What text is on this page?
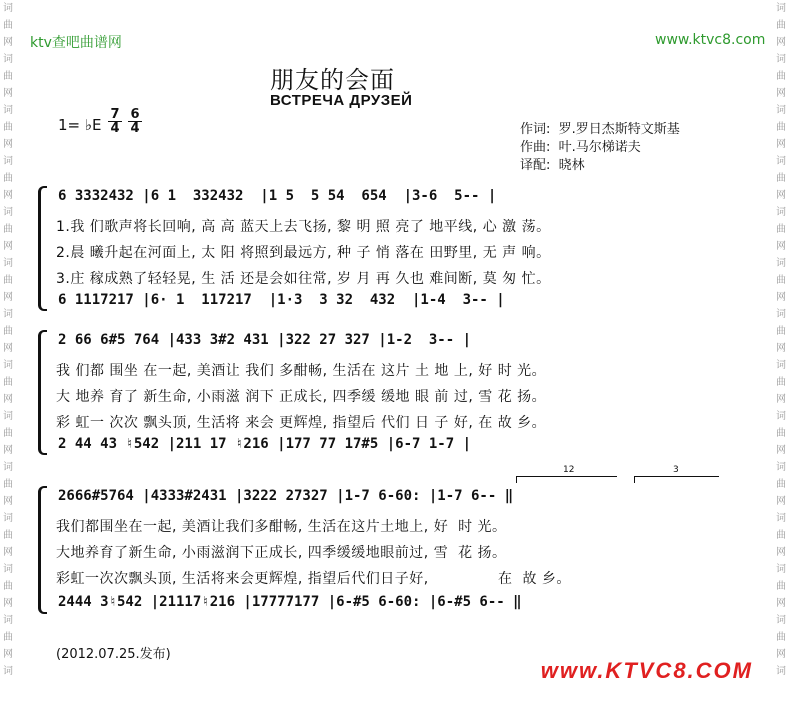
词
曲
网
词
曲
网
词
曲
网
词
曲
网
词
曲
网
词
曲
网
词
曲
网
词
曲
网
词
曲
网
词
曲
网
词
曲
网
词
曲
网
词
曲
网
词
词
曲
网
词
曲
网
词
曲
网
词
曲
网
词
曲
网
词
曲
网
词
曲
网
词
曲
网
词
曲
网
词
曲
网
词
曲
网
词
曲
网
词
曲
网
词
ktv查吧曲谱网	www.ktvc8.com
朋友的会面
ВСТРЕЧА ДРУЗЕЙ
1= ♭E
7
4
6
4	作词:  罗.罗日杰斯特文斯基
作曲:  叶.马尔梯诺夫
译配:  晓林
6 3332432 |6 1  332432  |1 5  5 54  654  |3-6  5-- |
1.我 们歌声将长回响, 高 高 蓝天上去飞扬, 黎 明 照 亮了 地平线, 心 激 荡。
2.晨 曦升起在河面上, 太 阳 将照到最远方, 种 子 悄 落在 田野里, 无 声 响。
3.庄 稼成熟了轻轻晃, 生 活 还是会如往常, 岁 月 再 久也 难间断, 莫 匆 忙。
6 1117217 |6· 1  117217  |1·3  3 32  432  |1-4  3-- |
2 66 6#5 764 |433 3#2 431 |322 27 327 |1-2  3-- |
我 们都 围坐 在一起, 美酒让 我们 多酣畅, 生活在 这片 土 地 上, 好 时 光。
大 地养 育了 新生命, 小雨滋 润下 正成长, 四季缓 缓地 眼 前 过, 雪 花 扬。
彩 虹一 次次 飘头顶, 生活将 来会 更辉煌, 指望后 代们 日 子 好, 在 故 乡。
2 44 43 ♮542 |211 17 ♮216 |177 77 17#5 |6-7 1-7 |
12	3
2666#5764 |4333#2431 |3222 27327 |1-7 6-60: |1-7 6-- ‖
我们都围坐在一起, 美酒让我们多酣畅, 生活在这片土地上, 好  时 光。
大地养育了新生命, 小雨滋润下正成长, 四季缓缓地眼前过, 雪  花 扬。
彩虹一次次飘头顶, 生活将来会更辉煌, 指望后代们日子好,              在  故 乡。
2444 3♮542 |21117♮216 |17777177 |6-#5 6-60: |6-#5 6-- ‖
(2012.07.25.发布)
www.KTVC8.COM
